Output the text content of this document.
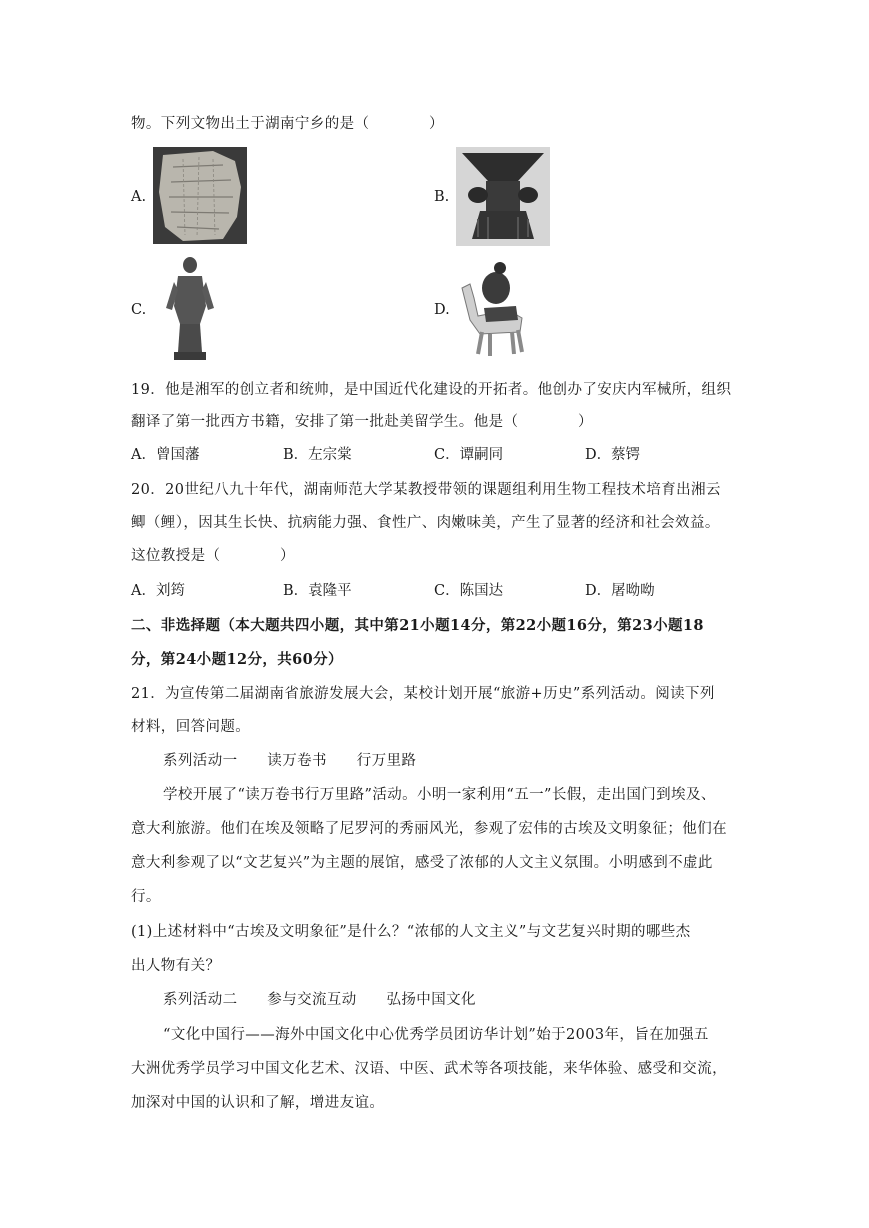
物。下列文物出土于湖南宁乡的是（　　　　）
A.	B.
C.	D.
19．他是湘军的创立者和统帅，是中国近代化建设的开拓者。他创办了安庆内军械所，组织
翻译了第一批西方书籍，安排了第一批赴美留学生。他是（　　　　）
A．曾国藩	B．左宗棠	C．谭嗣同	D．蔡锷
20．20世纪八九十年代，湖南师范大学某教授带领的课题组利用生物工程技术培育出湘云
鲫（鲤），因其生长快、抗病能力强、食性广、肉嫩味美，产生了显著的经济和社会效益。
这位教授是（　　　　）
A．刘筠	B．袁隆平	C．陈国达	D．屠呦呦
二、非选择题（本大题共四小题，其中第21小题14分，第22小题16分，第23小题18
分，第24小题12分，共60分）
21．为宣传第二届湖南省旅游发展大会，某校计划开展“旅游+历史”系列活动。阅读下列
材料，回答问题。
系列活动一　　读万卷书　　行万里路
学校开展了“读万卷书行万里路”活动。小明一家利用“五一”长假，走出国门到埃及、
意大利旅游。他们在埃及领略了尼罗河的秀丽风光，参观了宏伟的古埃及文明象征；他们在
意大利参观了以“文艺复兴”为主题的展馆，感受了浓郁的人文主义氛围。小明感到不虚此
行。
(1)上述材料中“古埃及文明象征”是什么？“浓郁的人文主义”与文艺复兴时期的哪些杰
出人物有关？
系列活动二　　参与交流互动　　弘扬中国文化
“文化中国行——海外中国文化中心优秀学员团访华计划”始于2003年，旨在加强五
大洲优秀学员学习中国文化艺术、汉语、中医、武术等各项技能，来华体验、感受和交流，
加深对中国的认识和了解，增进友谊。
